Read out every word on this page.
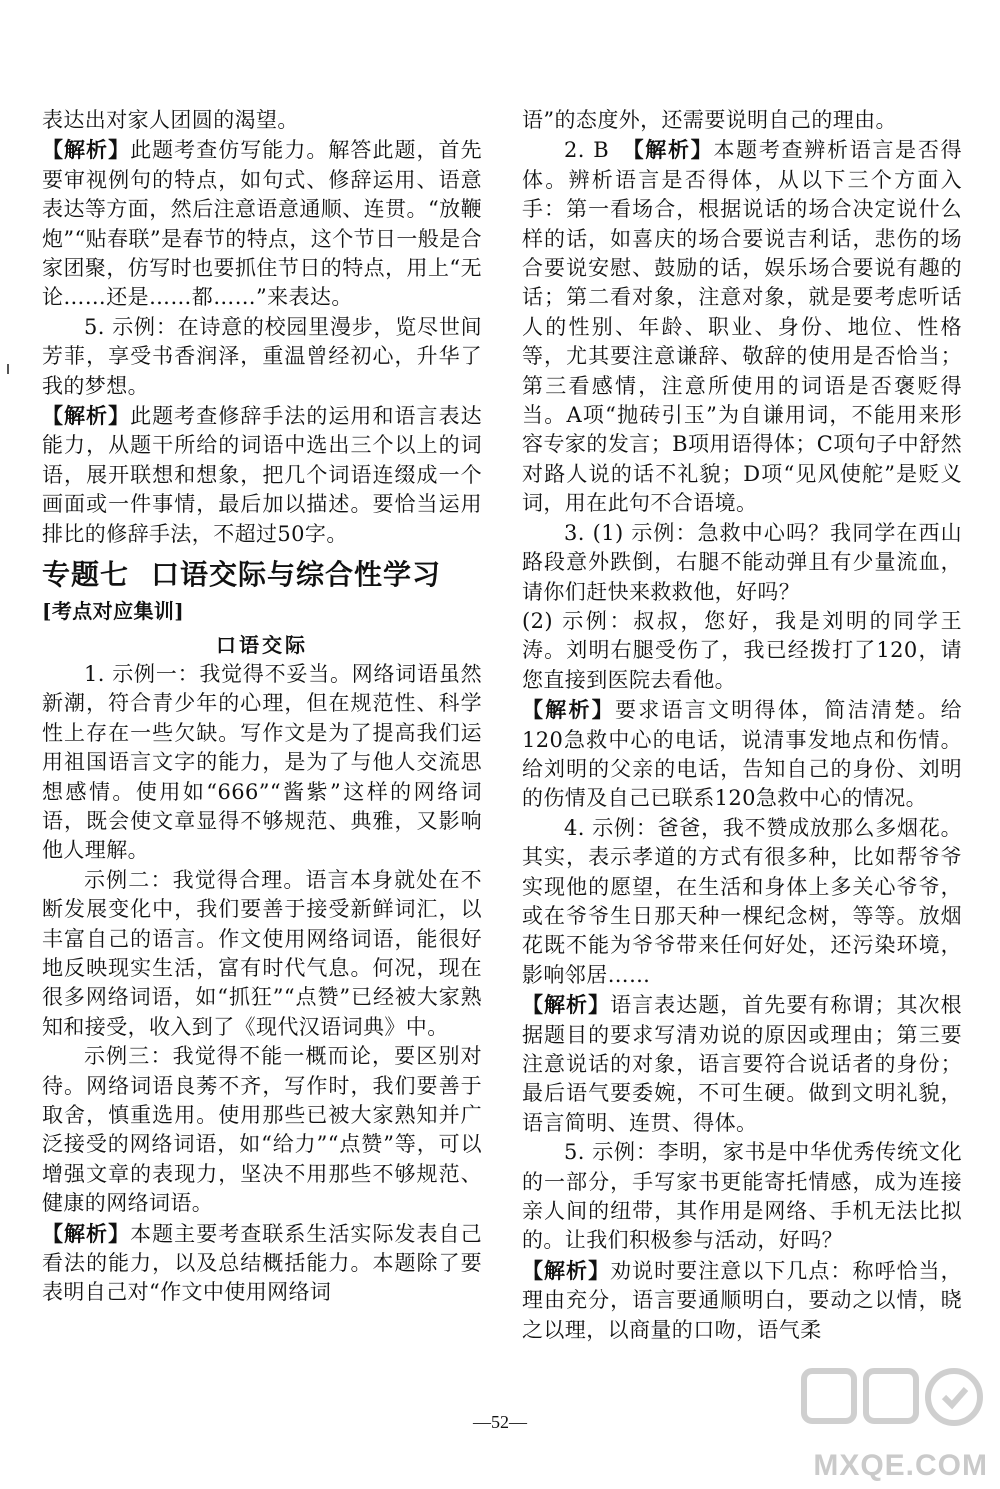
表达出对家人团圆的渴望。

【解析】此题考查仿写能力。解答此题，首先要审视例句的特点，如句式、修辞运用、语意表达等方面，然后注意语意通顺、连贯。“放鞭炮”“贴春联”是春节的特点，这个节日一般是合家团聚，仿写时也要抓住节日的特点，用上“无论……还是……都……”来表达。

5. 示例：在诗意的校园里漫步，览尽世间芳菲，享受书香润泽，重温曾经初心，升华了我的梦想。

【解析】此题考查修辞手法的运用和语言表达能力，从题干所给的词语中选出三个以上的词语，展开联想和想象，把几个词语连缀成一个画面或一件事情，最后加以描述。要恰当运用排比的修辞手法，不超过50字。

专题七 口语交际与综合性学习

[考点对应集训]

口语交际

1. 示例一：我觉得不妥当。网络词语虽然新潮，符合青少年的心理，但在规范性、科学性上存在一些欠缺。写作文是为了提高我们运用祖国语言文字的能力，是为了与他人交流思想感情。使用如“666”“酱紫”这样的网络词语，既会使文章显得不够规范、典雅，又影响他人理解。

示例二：我觉得合理。语言本身就处在不断发展变化中，我们要善于接受新鲜词汇，以丰富自己的语言。作文使用网络词语，能很好地反映现实生活，富有时代气息。何况，现在很多网络词语，如“抓狂”“点赞”已经被大家熟知和接受，收入到了《现代汉语词典》中。

示例三：我觉得不能一概而论，要区别对待。网络词语良莠不齐，写作时，我们要善于取舍，慎重选用。使用那些已被大家熟知并广泛接受的网络词语，如“给力”“点赞”等，可以增强文章的表现力，坚决不用那些不够规范、健康的网络词语。

【解析】本题主要考查联系生活实际发表自己看法的能力，以及总结概括能力。本题除了要表明自己对“作文中使用网络词

语”的态度外，还需要说明自己的理由。

2. B　【解析】本题考查辨析语言是否得体。辨析语言是否得体，从以下三个方面入手：第一看场合，根据说话的场合决定说什么样的话，如喜庆的场合要说吉利话，悲伤的场合要说安慰、鼓励的话，娱乐场合要说有趣的话；第二看对象，注意对象，就是要考虑听话人的性别、年龄、职业、身份、地位、性格等，尤其要注意谦辞、敬辞的使用是否恰当；第三看感情，注意所使用的词语是否褒贬得当。A项“抛砖引玉”为自谦用词，不能用来形容专家的发言；B项用语得体；C项句子中舒然对路人说的话不礼貌；D项“见风使舵”是贬义词，用在此句不合语境。

3. (1) 示例：急救中心吗？我同学在西山路段意外跌倒，右腿不能动弹且有少量流血，请你们赶快来救救他，好吗？

(2) 示例：叔叔，您好，我是刘明的同学王涛。刘明右腿受伤了，我已经拨打了120，请您直接到医院去看他。

【解析】要求语言文明得体，简洁清楚。给120急救中心的电话，说清事发地点和伤情。给刘明的父亲的电话，告知自己的身份、刘明的伤情及自己已联系120急救中心的情况。

4. 示例：爸爸，我不赞成放那么多烟花。其实，表示孝道的方式有很多种，比如帮爷爷实现他的愿望，在生活和身体上多关心爷爷，或在爷爷生日那天种一棵纪念树，等等。放烟花既不能为爷爷带来任何好处，还污染环境，影响邻居……

【解析】语言表达题，首先要有称谓；其次根据题目的要求写清劝说的原因或理由；第三要注意说话的对象，语言要符合说话者的身份；最后语气要委婉，不可生硬。做到文明礼貌，语言简明、连贯、得体。

5. 示例：李明，家书是中华优秀传统文化的一部分，手写家书更能寄托情感，成为连接亲人间的纽带，其作用是网络、手机无法比拟的。让我们积极参与活动，好吗？

【解析】劝说时要注意以下几点：称呼恰当，理由充分，语言要通顺明白，要动之以情，晓之以理，以商量的口吻，语气柔

—52—
MXQE.COM
